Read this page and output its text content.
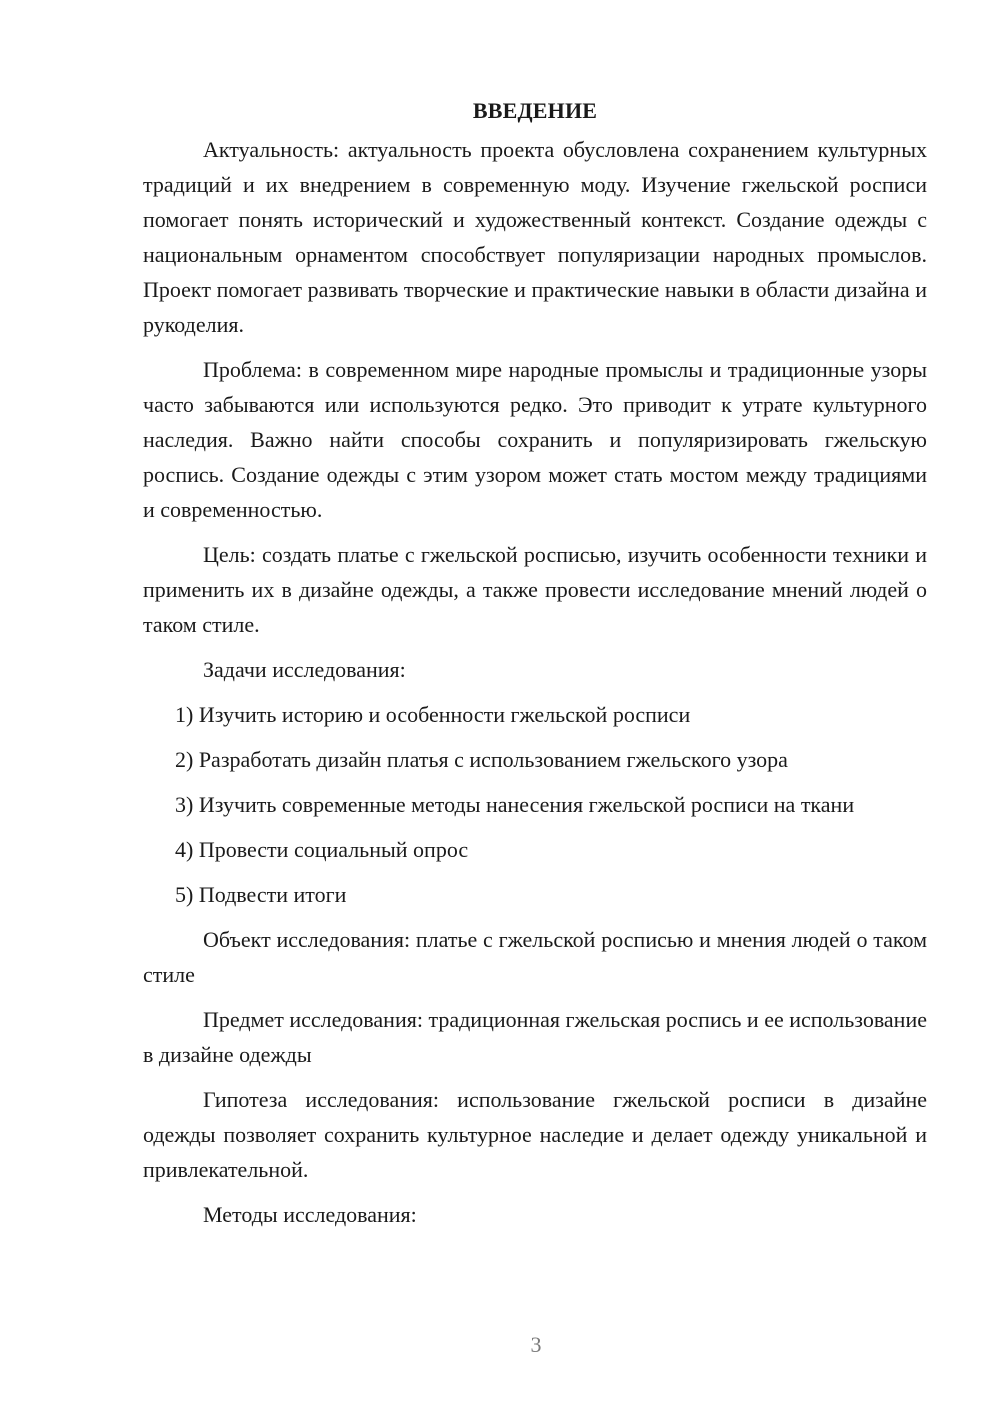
ВВЕДЕНИЕ

Актуальность: актуальность проекта обусловлена сохранением культурных традиций и их внедрением в современную моду. Изучение гжельской росписи помогает понять исторический и художественный контекст. Создание одежды с национальным орнаментом способствует популяризации народных промыслов. Проект помогает развивать творческие и практические навыки в области дизайна и рукоделия.

Проблема: в современном мире народные промыслы и традиционные узоры часто забываются или используются редко. Это приводит к утрате культурного наследия. Важно найти способы сохранить и популяризировать гжельскую роспись. Создание одежды с этим узором может стать мостом между традициями и современностью.

Цель: создать платье с гжельской росписью, изучить особенности техники и применить их в дизайне одежды, а также провести исследование мнений людей о таком стиле.

Задачи исследования:

1) Изучить историю и особенности гжельской росписи

2) Разработать дизайн платья с использованием гжельского узора

3) Изучить современные методы нанесения гжельской росписи на ткани

4) Провести социальный опрос

5) Подвести итоги

Объект исследования: платье с гжельской росписью и мнения людей о таком стиле

Предмет исследования: традиционная гжельская роспись и ее использование в дизайне одежды

Гипотеза исследования: использование гжельской росписи в дизайне одежды позволяет сохранить культурное наследие и делает одежду уникальной и привлекательной.

Методы исследования:

3
